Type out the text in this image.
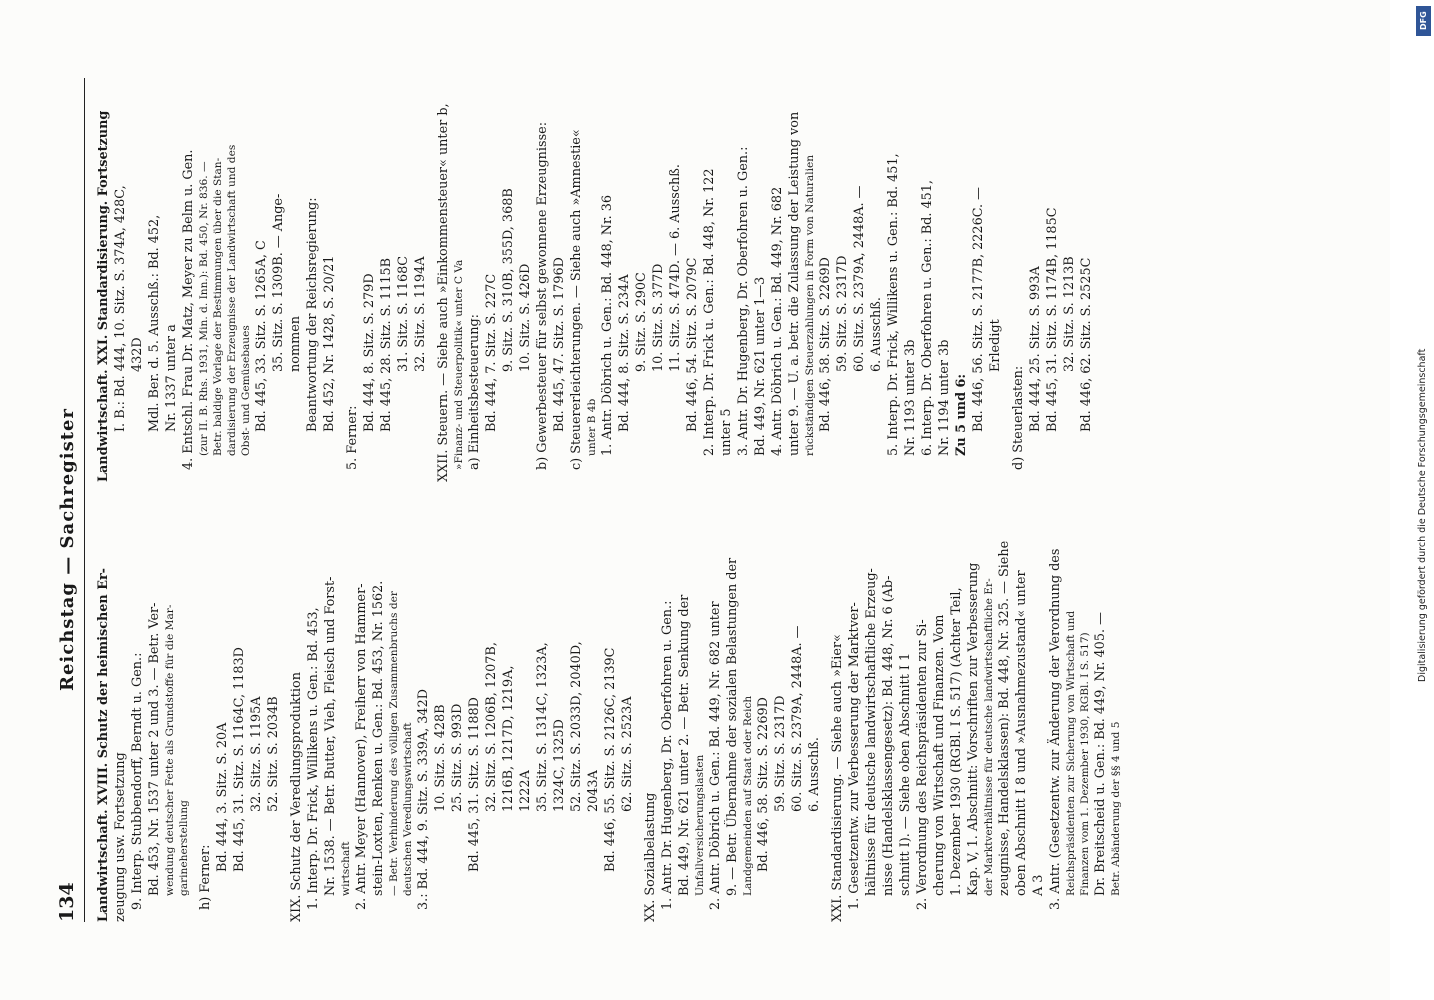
134
Reichstag — Sachregister
Landwirtschaft. XVIII. Schutz der heimischen Er- zeugung usw. Fortsetzung 9. Interp. Stubbendorff, Berndt u. Gen.: Bd. 453, Nr. 1537 unter 2 und 3. — Betr. Ver- wendung deutscher Fette als Grundstoffe für die Mar- garineherstellung h) Ferner:
Bd. 444, 3. Sitz. S. 20A Bd. 445, 31. Sitz. S. 1164C, 1183D 32. Sitz. S. 1195A 52. Sitz. S. 2034B XIX. Schutz der Veredlungsproduktion 1. Interp. Dr. Frick, Willikens u. Gen.: Bd. 453, Nr. 1538. — Betr. Butter, Vieh, Fleisch und Forst- wirtschaft 2. Antr. Meyer (Hannover), Freiherr von Hammer- stein-Loxten, Renken u. Gen.: Bd. 453, Nr. 1562. — Betr. Verhinderung des völligen Zusammenbruchs der deutschen Veredlungswirtschaft 3.: Bd. 444, 9. Sitz. S. 339A, 342D 10. Sitz. S. 428B 25. Sitz. S. 993D Bd. 445, 31. Sitz. S. 1188D 32. Sitz. S. 1206B, 1207B, 1216B, 1217D, 1219A, 1222A 35. Sitz. S. 1314C, 1323A, 1324C, 1325D 52. Sitz. S. 2033D, 2040D, 2043A Bd. 446, 55. Sitz. S. 2126C, 2139C 62. Sitz. S. 2523A
XX. Sozialbelastung 1. Antr. Dr. Hugenberg, Dr. Oberfohren u. Gen.: Bd. 449, Nr. 621 unter 2. — Betr. Senkung der Unfallversicherungslasten 2. Antr. Döbrich u. Gen.: Bd. 449, Nr. 682 unter 9. — Betr. Übernahme der sozialen Belastungen der Landgemeinden auf Staat oder Reich Bd. 446, 58. Sitz. S. 2269D 59. Sitz. S. 2317D 60. Sitz. S. 2379A, 2448A. — 6. Ausschß. XXI. Standardisierung. — Siehe auch »Eier« 1. Gesetzentw. zur Verbesserung der Marktver- hältnisse für deutsche landwirtschaftliche Erzeug- nisse (Handelsklassengesetz): Bd. 448, Nr. 6 (Ab- schnitt I). — Siehe oben Abschnitt I 1 2. Verordnung des Reichspräsidenten zur Si- cherung von Wirtschaft und Finanzen. Vom 1. Dezember 1930 (RGBl. I S. 517) (Achter Teil, Kap. V, 1. Abschnitt: Vorschriften zur Verbesserung der Marktverhältnisse für deutsche landwirtschaftliche Er- zeugnisse, Handelsklassen): Bd. 448, Nr. 325. — Siehe oben Abschnitt I 8 und »Ausnahmezustand« unter A 3 3. Antr. (Gesetzentw. zur Änderung der Verordnung des Reichspräsidenten zur Sicherung von Wirtschaft und Finanzen vom 1. Dezember 1930, RGBl. I S. 517) Dr. Breitscheid u. Gen.: Bd. 449, Nr. 405. — Betr. Abänderung der §§ 4 und 5
Landwirtschaft. XXI. Standardisierung. Fortsetzung I. B.: Bd. 444, 10. Sitz. S. 374A, 428C, 432D Mdl. Ber. d. 5. Ausschß.: Bd. 452, Nr. 1337 unter a 4. Entschl. Frau Dr. Matz, Meyer zu Belm u. Gen. (zur II. B. Rhs. 1931, Min. d. Inn.): Bd. 450, Nr. 836. — Betr. baldige Vorlage der Bestimmungen über die Stan- dardisierung der Erzeugnisse der Landwirtschaft und des Obst- und Gemüsebaues Bd. 445, 33. Sitz. S. 1265A, C 35. Sitz. S. 1309B. — Ange- nommen Beantwortung der Reichsregierung: Bd. 452, Nr. 1428, S. 20/21
5. Ferner:
Bd. 444, 8. Sitz. S. 279D Bd. 445, 28. Sitz. S. 1115B 31. Sitz. S. 1168C 32. Sitz. S. 1194A XXII. Steuern. — Siehe auch »Einkommensteuer« unter b, »Finanz- und Steuerpolitik« unter C Va a) Einheitsbesteuerung: Bd. 444, 7. Sitz. S. 227C 9. Sitz. S. 310B, 355D, 368B 10. Sitz. S. 426D b) Gewerbesteuer für selbst gewonnene Erzeugnisse: Bd. 445, 47. Sitz. S. 1796D c) Steuererleichterungen. — Siehe auch »Amnestie« unter B 4b 1. Antr. Döbrich u. Gen.: Bd. 448, Nr. 36 Bd. 444, 8. Sitz. S. 234A 9. Sitz. S. 290C 10. Sitz. S. 377D 11. Sitz. S. 474D. — 6. Ausschß. Bd. 446, 54. Sitz. S. 2079C 2. Interp. Dr. Frick u. Gen.: Bd. 448, Nr. 122 unter 5 3. Antr. Dr. Hugenberg, Dr. Oberfohren u. Gen.: Bd. 449, Nr. 621 unter 1—3 4. Antr. Döbrich u. Gen.: Bd. 449, Nr. 682 unter 9. — U. a. betr. die Zulassung der Leistung von rückständigen Steuerzahlungen in Form von Naturalien Bd. 446, 58. Sitz. S. 2269D 59. Sitz. S. 2317D 60. Sitz. S. 2379A, 2448A. — 6. Ausschß. 5. Interp. Dr. Frick, Willikens u. Gen.: Bd. 451, Nr. 1193 unter 3b 6. Interp. Dr. Oberfohren u. Gen.: Bd. 451, Nr. 1194 unter 3b Zu 5 und 6: Bd. 446, 56. Sitz. S. 2177B, 2226C. — Erledigt
d) Steuerlasten: Bd. 444, 25. Sitz. S. 993A Bd. 445, 31. Sitz. S. 1174B, 1185C 32. Sitz. S. 1213B Bd. 446, 62. Sitz. S. 2525C
DFG
Digitalisierung gefördert durch die Deutsche Forschungsgemeinschaft
